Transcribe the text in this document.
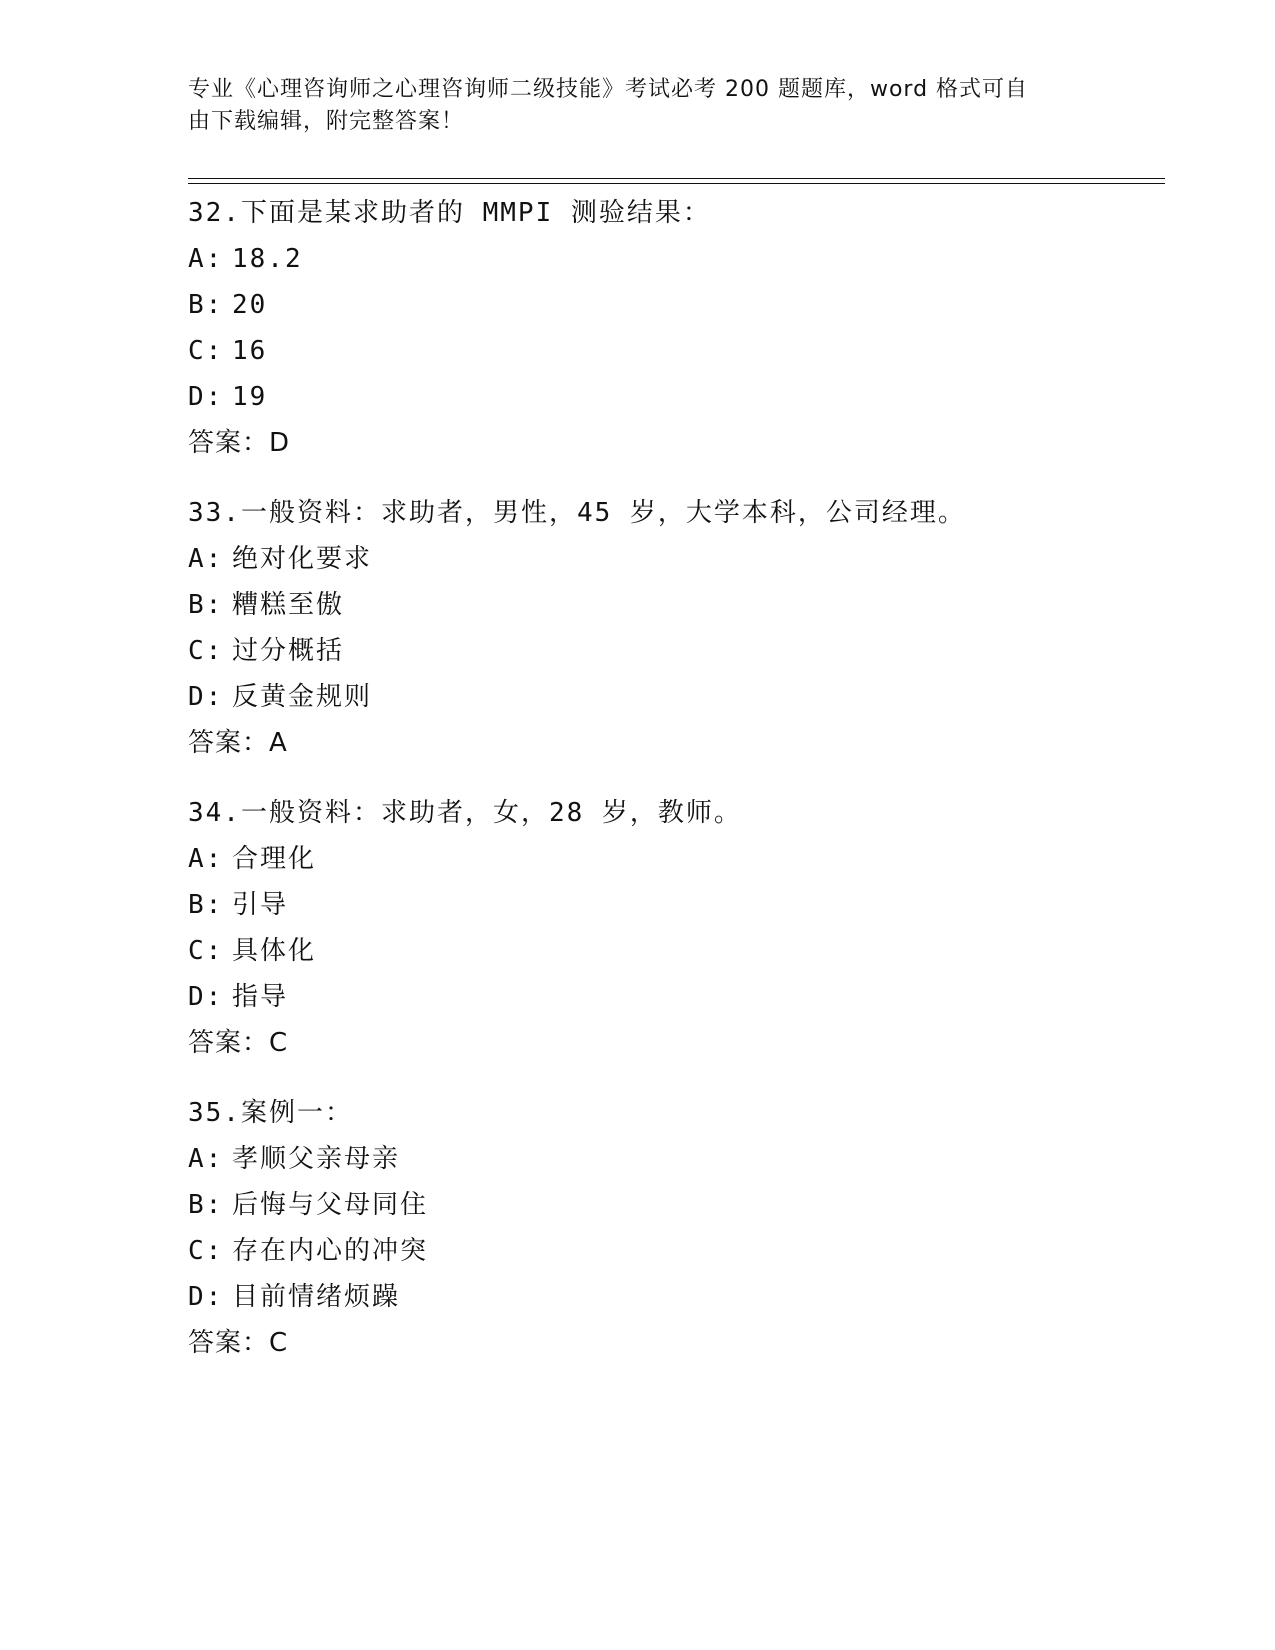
专业《心理咨询师之心理咨询师二级技能》考试必考 200 题题库，word 格式可自
由下载编辑，附完整答案！
32.下面是某求助者的 MMPI 测验结果：
A: 18.2
B: 20
C: 16
D: 19
答案：D
33.一般资料：求助者，男性，45 岁，大学本科，公司经理。
A: 绝对化要求
B: 糟糕至傲
C: 过分概括
D: 反黄金规则
答案：A
34.一般资料：求助者，女，28 岁，教师。
A: 合理化
B: 引导
C: 具体化
D: 指导
答案：C
35.案例一：
A: 孝顺父亲母亲
B: 后悔与父母同住
C: 存在内心的冲突
D: 目前情绪烦躁
答案：C
